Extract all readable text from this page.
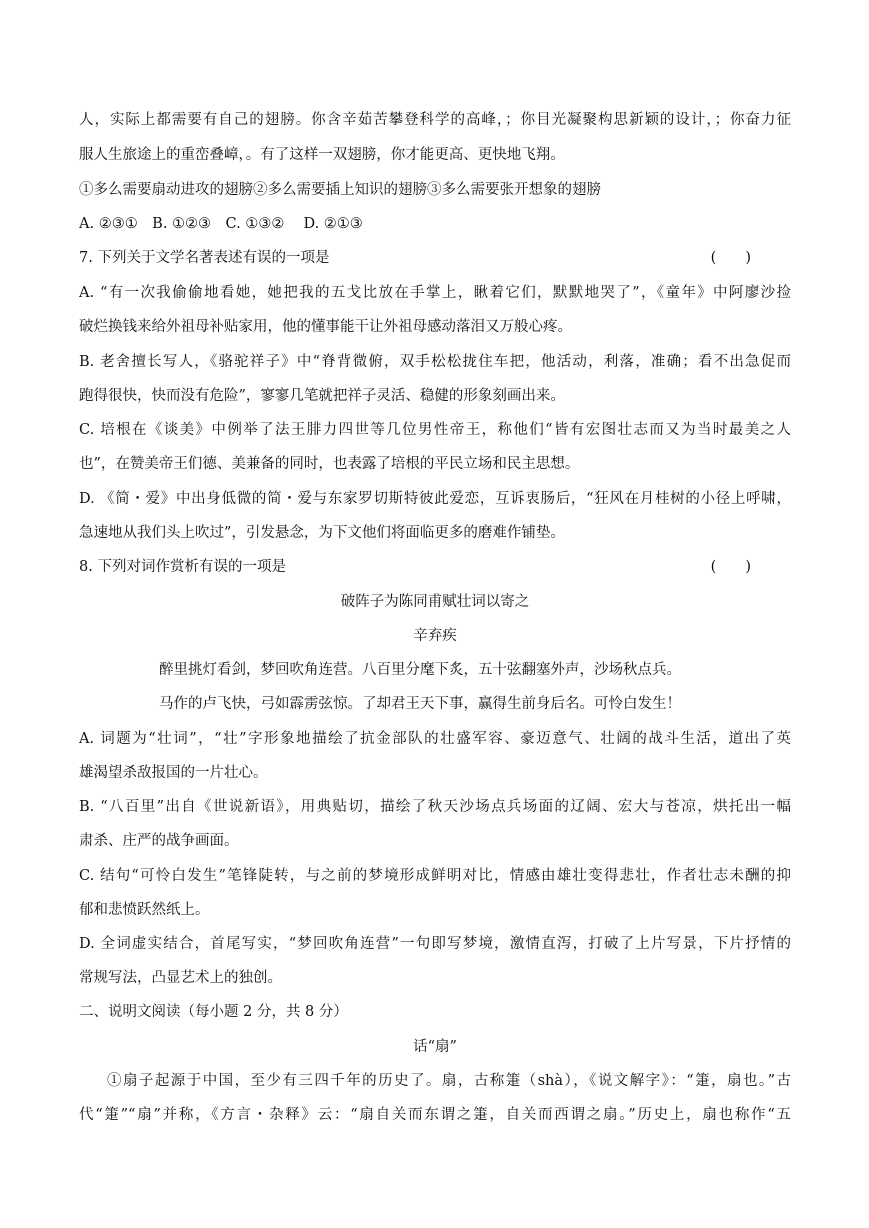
人，实际上都需要有自己的翅膀。你含辛茹苦攀登科学的高峰，；你目光凝聚构思新颖的设计，；你奋力征
服人生旅途上的重峦叠嶂，。有了这样一双翅膀，你才能更高、更快地飞翔。
①多么需要扇动进攻的翅膀②多么需要插上知识的翅膀③多么需要张开想象的翅膀
A. ②③①　B. ①②③　C. ①③②　 D. ②①③
7. 下列关于文学名著表述有误的一项是	(　　)
A. “有一次我偷偷地看她，她把我的五戈比放在手掌上，瞅着它们，默默地哭了”，《童年》中阿廖沙捡
破烂换钱来给外祖母补贴家用，他的懂事能干让外祖母感动落泪又万般心疼。
B. 老舍擅长写人，《骆驼祥子》中“脊背微俯，双手松松拢住车把，他活动，利落，准确；看不出急促而
跑得很快，快而没有危险”，寥寥几笔就把祥子灵活、稳健的形象刻画出来。
C. 培根在《谈美》中例举了法王腓力四世等几位男性帝王，称他们“皆有宏图壮志而又为当时最美之人
也”，在赞美帝王们德、美兼备的同时，也表露了培根的平民立场和民主思想。
D. 《简・爱》中出身低微的简・爱与东家罗切斯特彼此爱恋，互诉衷肠后，“狂风在月桂树的小径上呼啸，
急速地从我们头上吹过”，引发悬念，为下文他们将面临更多的磨难作铺垫。
8. 下列对词作赏析有误的一项是	(　　)
破阵子为陈同甫赋壮词以寄之
辛弃疾
醉里挑灯看剑，梦回吹角连营。八百里分麾下炙，五十弦翻塞外声，沙场秋点兵。
马作的卢飞快，弓如霹雳弦惊。了却君王天下事，赢得生前身后名。可怜白发生！
A. 词题为“壮词”，“壮”字形象地描绘了抗金部队的壮盛军容、豪迈意气、壮阔的战斗生活，道出了英
雄渴望杀敌报国的一片壮心。
B. “八百里”出自《世说新语》，用典贴切，描绘了秋天沙场点兵场面的辽阔、宏大与苍凉，烘托出一幅
肃杀、庄严的战争画面。
C. 结句“可怜白发生”笔锋陡转，与之前的梦境形成鲜明对比，情感由雄壮变得悲壮，作者壮志未酬的抑
郁和悲愤跃然纸上。
D. 全词虚实结合，首尾写实，“梦回吹角连营”一句即写梦境，激情直泻，打破了上片写景，下片抒情的
常规写法，凸显艺术上的独创。
二、说明文阅读（每小题 2 分，共 8 分）
话“扇”
①扇子起源于中国，至少有三四千年的历史了。扇，古称箑（shà），《说文解字》：“箑，扇也。”古
代“箑”“扇”并称，《方言・杂释》云：“扇自关而东谓之箑，自关而西谓之扇。”历史上，扇也称作“五
